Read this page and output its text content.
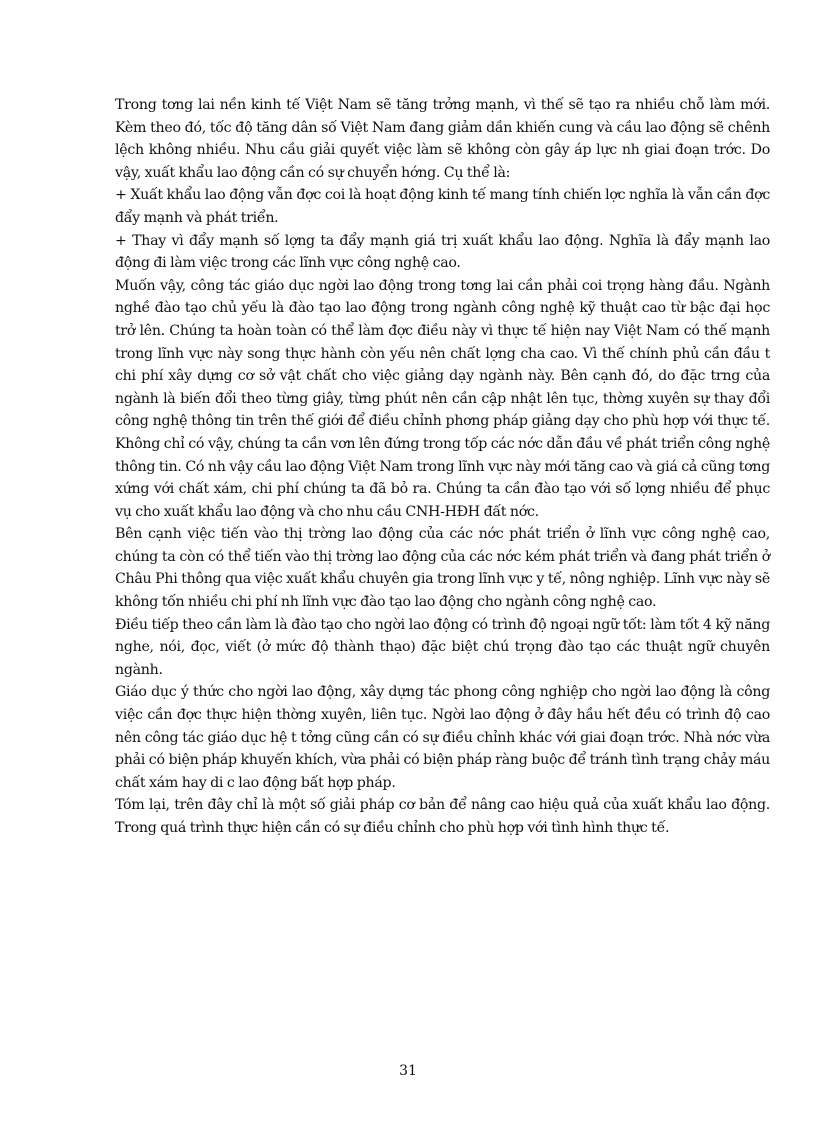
Trong tơng lai nền kinh tế Việt Nam sẽ tăng trởng mạnh, vì thế sẽ tạo ra nhiều chỗ làm mới. Kèm theo đó, tốc độ tăng dân số Việt Nam đang giảm dần khiến cung và cầu lao động sẽ chênh lệch không nhiều. Nhu cầu giải quyết việc làm sẽ không còn gây áp lực nh giai đoạn trớc. Do vậy, xuất khẩu lao động cần có sự chuyển hớng. Cụ thể là:

+ Xuất khẩu lao động vẫn đợc coi là hoạt động kinh tế mang tính chiến lợc nghĩa là vẫn cần đợc đẩy mạnh và phát triển.

+ Thay vì đẩy mạnh số lợng ta đẩy mạnh giá trị xuất khẩu lao động. Nghĩa là đẩy mạnh lao động đi làm việc trong các lĩnh vực công nghệ cao.

Muốn vậy, công tác giáo dục ngời lao động trong tơng lai cần phải coi trọng hàng đầu. Ngành nghề đào tạo chủ yếu là đào tạo lao động trong ngành công nghệ kỹ thuật cao từ bậc đại học trở lên. Chúng ta hoàn toàn có thể làm đợc điều này vì thực tế hiện nay Việt Nam có thế mạnh trong lĩnh vực này song thực hành còn yếu nên chất lợng cha cao. Vì thế chính phủ cần đầu t chi phí xây dựng cơ sở vật chất cho việc giảng dạy ngành này. Bên cạnh đó, do đặc trng của ngành là biến đổi theo từng giây, từng phút nên cần cập nhật lên tục, thờng xuyên sự thay đổi công nghệ thông tin trên thế giới để điều chỉnh phơng pháp giảng dạy cho phù hợp với thực tế. Không chỉ có vậy, chúng ta cần vơn lên đứng trong tốp các nớc dẫn đầu về phát triển công nghệ thông tin. Có nh vậy cầu lao động Việt Nam trong lĩnh vực này mới tăng cao và giá cả cũng tơng xứng với chất xám, chi phí chúng ta đã bỏ ra. Chúng ta cần đào tạo với số lợng nhiều để phục vụ cho xuất khẩu lao động và cho nhu cầu CNH-HĐH đất nớc.

Bên cạnh việc tiến vào thị trờng lao động của các nớc phát triển ở lĩnh vực công nghệ cao, chúng ta còn có thể tiến vào thị trờng lao động của các nớc kém phát triển và đang phát triển ở Châu Phi thông qua việc xuất khẩu chuyên gia trong lĩnh vực y tế, nông nghiệp. Lĩnh vực này sẽ không tốn nhiều chi phí nh lĩnh vực đào tạo lao động cho ngành công nghệ cao.

Điều tiếp theo cần làm là đào tạo cho ngời lao động có trình độ ngoại ngữ tốt: làm tốt 4 kỹ năng nghe, nói, đọc, viết (ở mức độ thành thạo) đặc biệt chú trọng đào tạo các thuật ngữ chuyên ngành.

Giáo dục ý thức cho ngời lao động, xây dựng tác phong công nghiệp cho ngời lao động là công việc cần đợc thực hiện thờng xuyên, liên tục. Ngời lao động ở đây hầu hết đều có trình độ cao nên công tác giáo dục hệ t tởng cũng cần có sự điều chỉnh khác với giai đoạn trớc. Nhà nớc vừa phải có biện pháp khuyến khích, vừa phải có biện pháp ràng buộc để tránh tình trạng chảy máu chất xám hay di c lao động bất hợp pháp.

Tóm lại, trên đây chỉ là một số giải pháp cơ bản để nâng cao hiệu quả của xuất khẩu lao động. Trong quá trình thực hiện cần có sự điều chỉnh cho phù hợp với tình hình thực tế.

31
